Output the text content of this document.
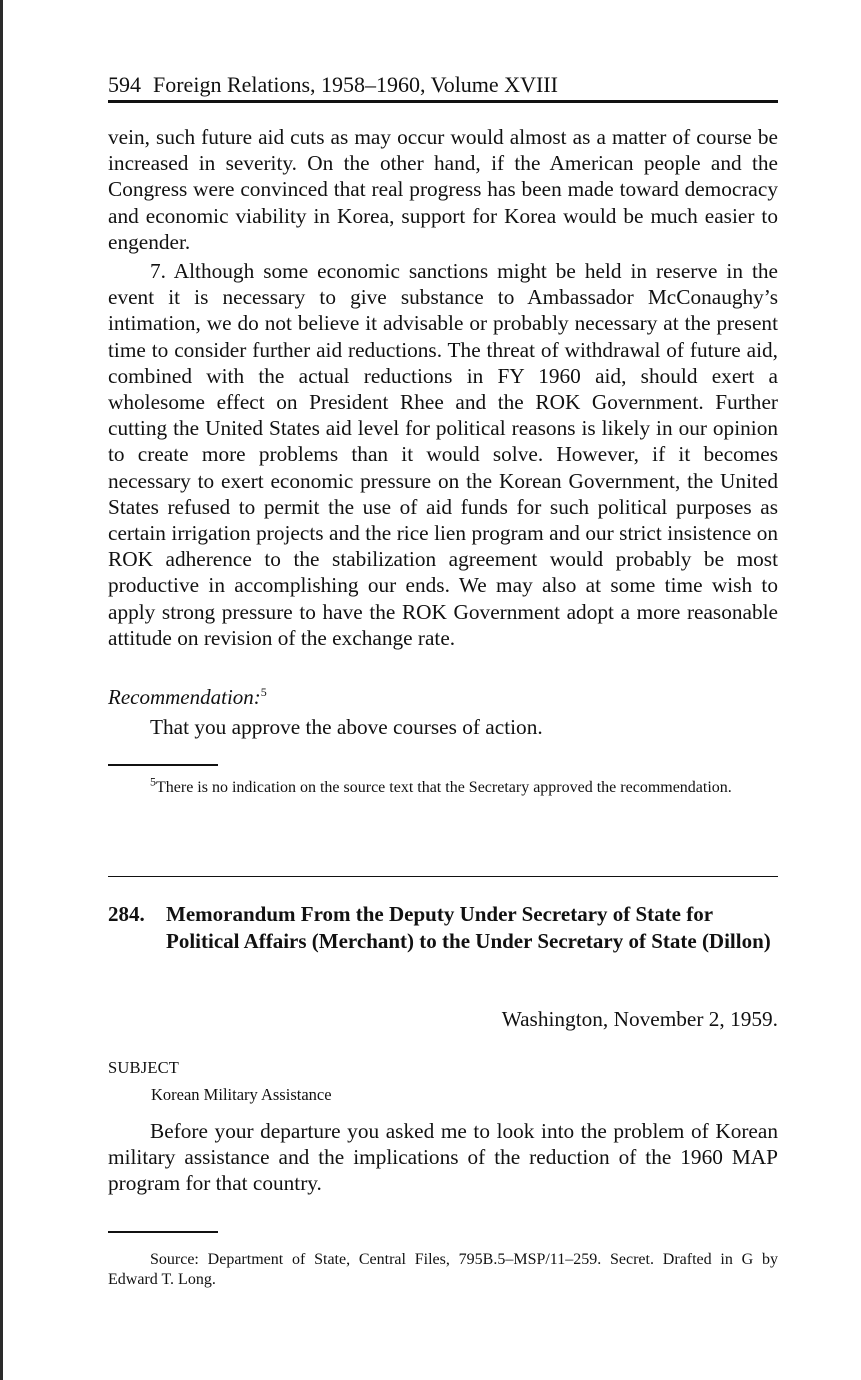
594 Foreign Relations, 1958–1960, Volume XVIII

vein, such future aid cuts as may occur would almost as a matter of course be increased in severity. On the other hand, if the American people and the Congress were convinced that real progress has been made toward democracy and economic viability in Korea, support for Korea would be much easier to engender.

7. Although some economic sanctions might be held in reserve in the event it is necessary to give substance to Ambassador McConaughy’s intimation, we do not believe it advisable or probably necessary at the present time to consider further aid reductions. The threat of withdrawal of future aid, combined with the actual reductions in FY 1960 aid, should exert a wholesome effect on President Rhee and the ROK Government. Further cutting the United States aid level for political reasons is likely in our opinion to create more problems than it would solve. However, if it becomes necessary to exert economic pressure on the Korean Government, the United States refused to permit the use of aid funds for such political purposes as certain irrigation projects and the rice lien program and our strict insistence on ROK adherence to the stabilization agreement would probably be most productive in accomplishing our ends. We may also at some time wish to apply strong pressure to have the ROK Government adopt a more reasonable attitude on revision of the exchange rate.

Recommendation:$^5$

That you approve the above courses of action.

$^5$There is no indication on the source text that the Secretary approved the recommendation.
284. Memorandum From the Deputy Under Secretary of State for Political Affairs (Merchant) to the Under Secretary of State (Dillon)
Washington, November 2, 1959.
SUBJECT
Korean Military Assistance

Before your departure you asked me to look into the problem of Korean military assistance and the implications of the reduction of the 1960 MAP program for that country.

Source: Department of State, Central Files, 795B.5–MSP/11–259. Secret. Drafted in G by Edward T. Long.
